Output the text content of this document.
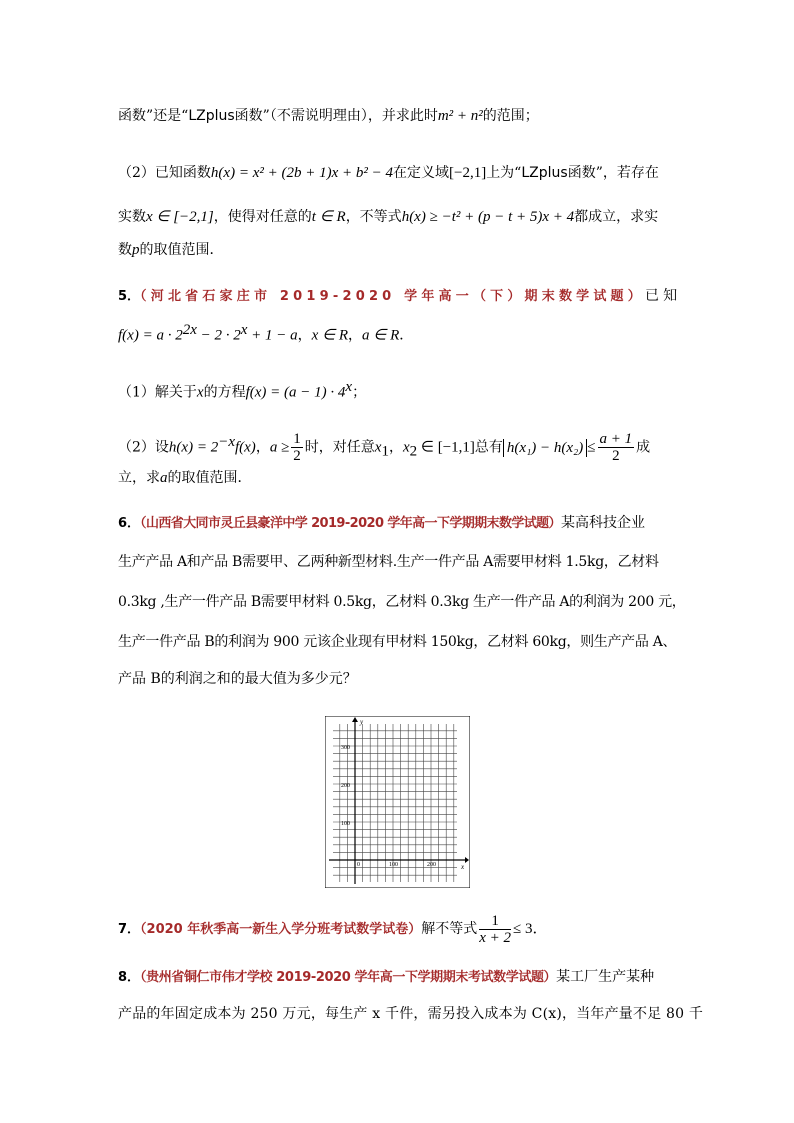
函数”还是“LZplus函数”（不需说明理由），并求此时m² + n²的范围；
（2）已知函数h(x) = x² + (2b + 1)x + b² − 4在定义域[−2,1]上为“LZplus函数”，若存在
实数x ∈ [−2,1]，使得对任意的t ∈ R，不等式h(x) ≥ −t² + (p − t + 5)x + 4都成立，求实
数p的取值范围．
5．（河北省石家庄市 2019-2020 学年高一（下）期末数学试题）已知
$f(x) = a \cdot 2^{2x} - 2 \cdot 2^x + 1 - a$，x ∈ R，a ∈ R．
（1）解关于x的方程$f(x) = (a - 1) \cdot 4^x$；
（2）设$h(x) = 2^{-x}f(x)$，$a \ge \frac{1}{2}$ 时，对任意$x_1$，$x_2$ ∈ [−1,1]总有 $h(x_1) - h(x_2) \le \frac{a + 1}{2}$ 成
立，求a的取值范围．
6．（山西省大同市灵丘县豪洋中学 2019-2020 学年高一下学期期末数学试题）某高科技企业
生产产品 A和产品 B需要甲、乙两种新型材料.生产一件产品 A需要甲材料 1.5kg，乙材料
0.3kg ,生产一件产品 B需要甲材料 0.5kg，乙材料 0.3kg 生产一件产品 A的利润为 200 元，
生产一件产品 B的利润为 900 元该企业现有甲材料 150kg，乙材料 60kg，则生产产品 A、
产品 B的利润之和的最大值为多少元？
y
x
300
200
100
0	100	200
7．（2020 年秋季高一新生入学分班考试数学试卷）解不等式 $\frac{1}{x + 2} \le 3$．
8．（贵州省铜仁市伟才学校 2019-2020 学年高一下学期期末考试数学试题）某工厂生产某种
产品的年固定成本为 250 万元，每生产 x 千件，需另投入成本为 C(x)，当年产量不足 80 千
